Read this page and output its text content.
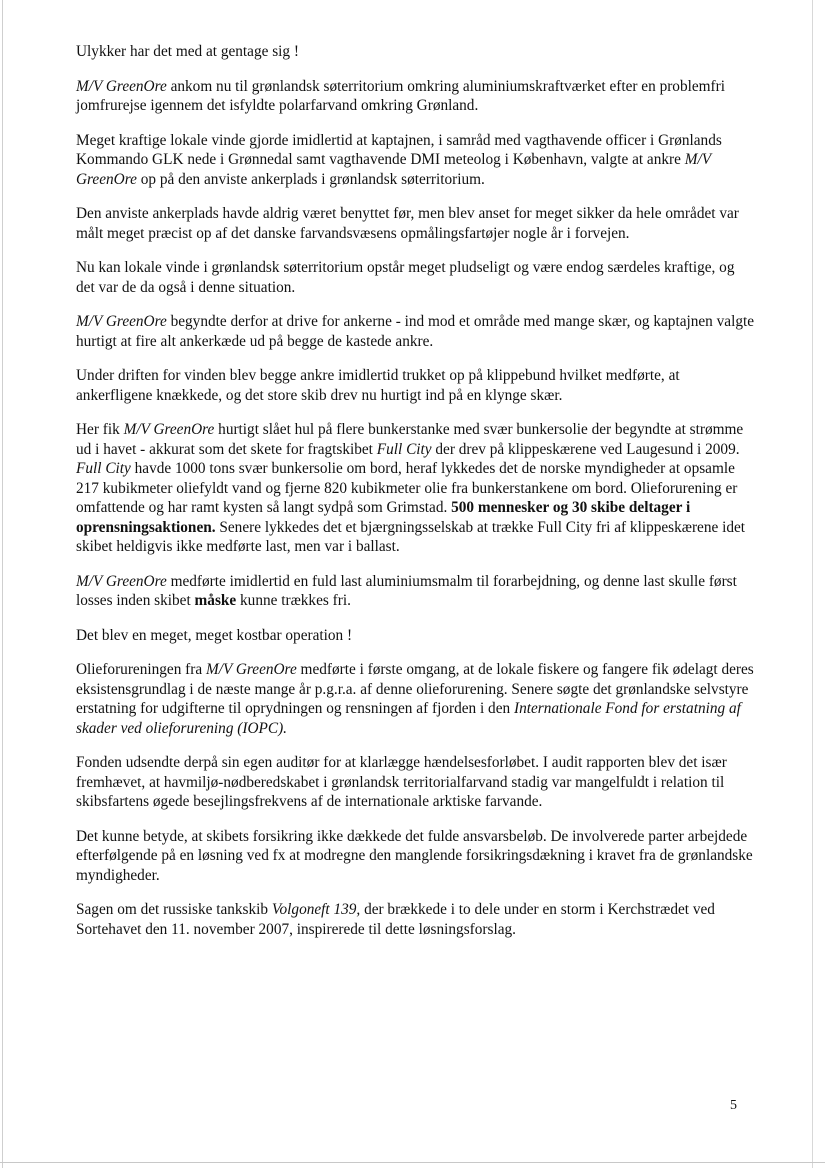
Ulykker har det med at gentage sig !

M/V GreenOre ankom nu til grønlandsk søterritorium omkring aluminiumskraftværket efter en problemfri jomfrurejse igennem det isfyldte polarfarvand omkring Grønland.

Meget kraftige lokale vinde gjorde imidlertid at kaptajnen, i samråd med vagthavende officer i Grønlands Kommando GLK nede i Grønnedal samt vagthavende DMI meteolog i København, valgte at ankre M/V GreenOre op på den anviste ankerplads i grønlandsk søterritorium.

Den anviste ankerplads havde aldrig været benyttet før, men blev anset for meget sikker da hele området var målt meget præcist op af det danske farvandsvæsens opmålingsfartøjer nogle år i forvejen.

Nu kan lokale vinde i grønlandsk søterritorium opstår meget pludseligt og være endog særdeles kraftige, og det var de da også i denne situation.

M/V GreenOre begyndte derfor at drive for ankerne - ind mod et område med mange skær, og kaptajnen valgte hurtigt at fire alt ankerkæde ud på begge de kastede ankre.

Under driften for vinden blev begge ankre imidlertid trukket op på klippebund hvilket medførte, at ankerfligene knækkede, og det store skib drev nu hurtigt ind på en klynge skær.

Her fik M/V GreenOre hurtigt slået hul på flere bunkerstanke med svær bunkersolie der begyndte at strømme ud i havet - akkurat som det skete for fragtskibet Full City der drev på klippeskærene ved Laugesund i 2009. Full City havde 1000 tons svær bunkersolie om bord, heraf lykkedes det de norske myndigheder at opsamle 217 kubikmeter oliefyldt vand og fjerne 820 kubikmeter olie fra bunkerstankene om bord. Olieforurening er omfattende og har ramt kysten så langt sydpå som Grimstad. 500 mennesker og 30 skibe deltager i oprensningsaktionen. Senere lykkedes det et bjærgningsselskab at trække Full City fri af klippeskærene idet skibet heldigvis ikke medførte last, men var i ballast.

M/V GreenOre medførte imidlertid en fuld last aluminiumsmalm til forarbejdning, og denne last skulle først losses inden skibet måske kunne trækkes fri.

Det blev en meget, meget kostbar operation !

Olieforureningen fra M/V GreenOre medførte i første omgang, at de lokale fiskere og fangere fik ødelagt deres eksistensgrundlag i de næste mange år p.g.r.a. af denne olieforurening. Senere søgte det grønlandske selvstyre erstatning for udgifterne til oprydningen og rensningen af fjorden i den Internationale Fond for erstatning af skader ved olieforurening (IOPC).

Fonden udsendte derpå sin egen auditør for at klarlægge hændelsesforløbet. I audit rapporten blev det især fremhævet, at havmiljø-nødberedskabet i grønlandsk territorialfarvand stadig var mangelfuldt i relation til skibsfartens øgede besejlingsfrekvens af de internationale arktiske farvande.

Det kunne betyde, at skibets forsikring ikke dækkede det fulde ansvarsbeløb. De involverede parter arbejdede efterfølgende på en løsning ved fx at modregne den manglende forsikringsdækning i kravet fra de grønlandske myndigheder.

Sagen om det russiske tankskib Volgoneft 139, der brækkede i to dele under en storm i Kerchstrædet ved Sortehavet den 11. november 2007, inspirerede til dette løsningsforslag.

5
